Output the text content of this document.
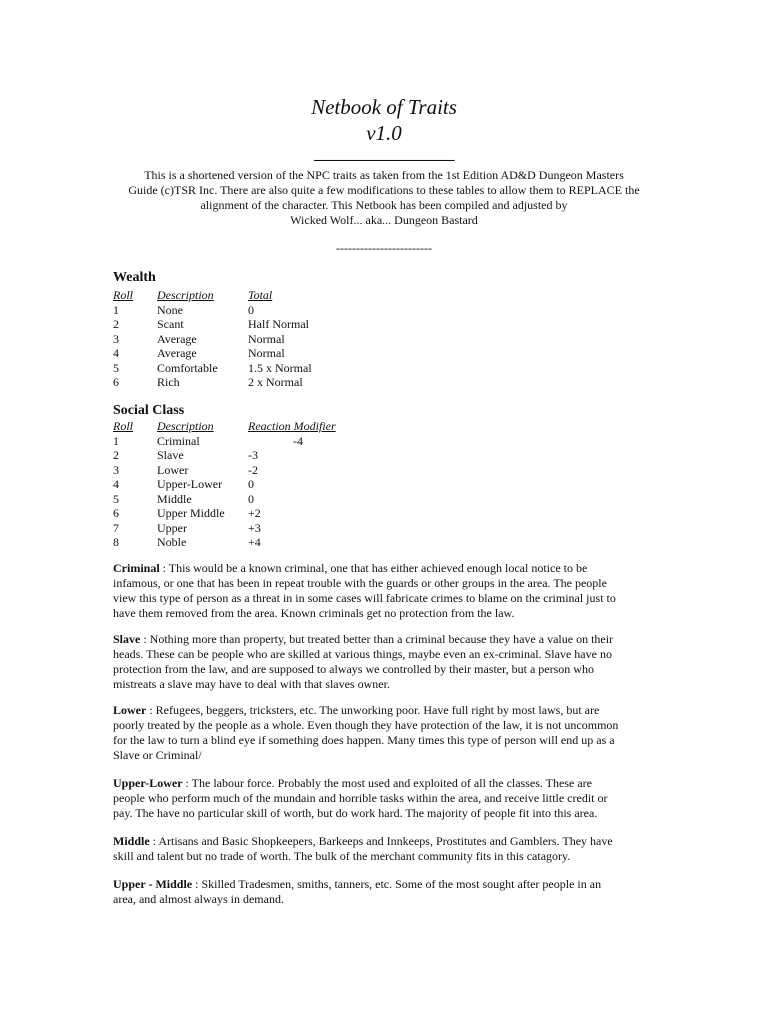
Netbook of Traits
v1.0
____________________
This is a shortened version of the NPC traits as taken from the 1st Edition AD&D Dungeon Masters
Guide (c)TSR Inc. There are also quite a few modifications to these tables to allow them to REPLACE the
alignment of the character. This Netbook has been compiled and adjusted by
Wicked Wolf... aka... Dungeon Bastard
------------------------
Wealth
Roll	Description	Total
1	None	0
2	Scant	Half Normal
3	Average	Normal
4	Average	Normal
5	Comfortable	1.5 x Normal
6	Rich	2 x Normal
Social Class
Roll	Description	Reaction Modifier
1	Criminal	-4
2	Slave	-3
3	Lower	-2
4	Upper-Lower	0
5	Middle	0
6	Upper Middle	+2
7	Upper	+3
8	Noble	+4
Criminal : This would be a known criminal, one that has either achieved enough local notice to be
infamous, or one that has been in repeat trouble with the guards or other groups in the area. The people
view this type of person as a threat in in some cases will fabricate crimes to blame on the criminal just to
have them removed from the area. Known criminals get no protection from the law.
Slave : Nothing more than property, but treated better than a criminal because they have a value on their
heads. These can be people who are skilled at various things, maybe even an ex-criminal. Slave have no
protection from the law, and are supposed to always we controlled by their master, but a person who
mistreats a slave may have to deal with that slaves owner.
Lower : Refugees, beggers, tricksters, etc. The unworking poor. Have full right by most laws, but are
poorly treated by the people as a whole. Even though they have protection of the law, it is not uncommon
for the law to turn a blind eye if something does happen. Many times this type of person will end up as a
Slave or Criminal/
Upper-Lower : The labour force. Probably the most used and exploited of all the classes. These are
people who perform much of the mundain and horrible tasks within the area, and receive little credit or
pay. The have no particular skill of worth, but do work hard. The majority of people fit into this area.
Middle : Artisans and Basic Shopkeepers, Barkeeps and Innkeeps, Prostitutes and Gamblers. They have
skill and talent but no trade of worth. The bulk of the merchant community fits in this catagory.
Upper - Middle : Skilled Tradesmen, smiths, tanners, etc. Some of the most sought after people in an
area, and almost always in demand.
